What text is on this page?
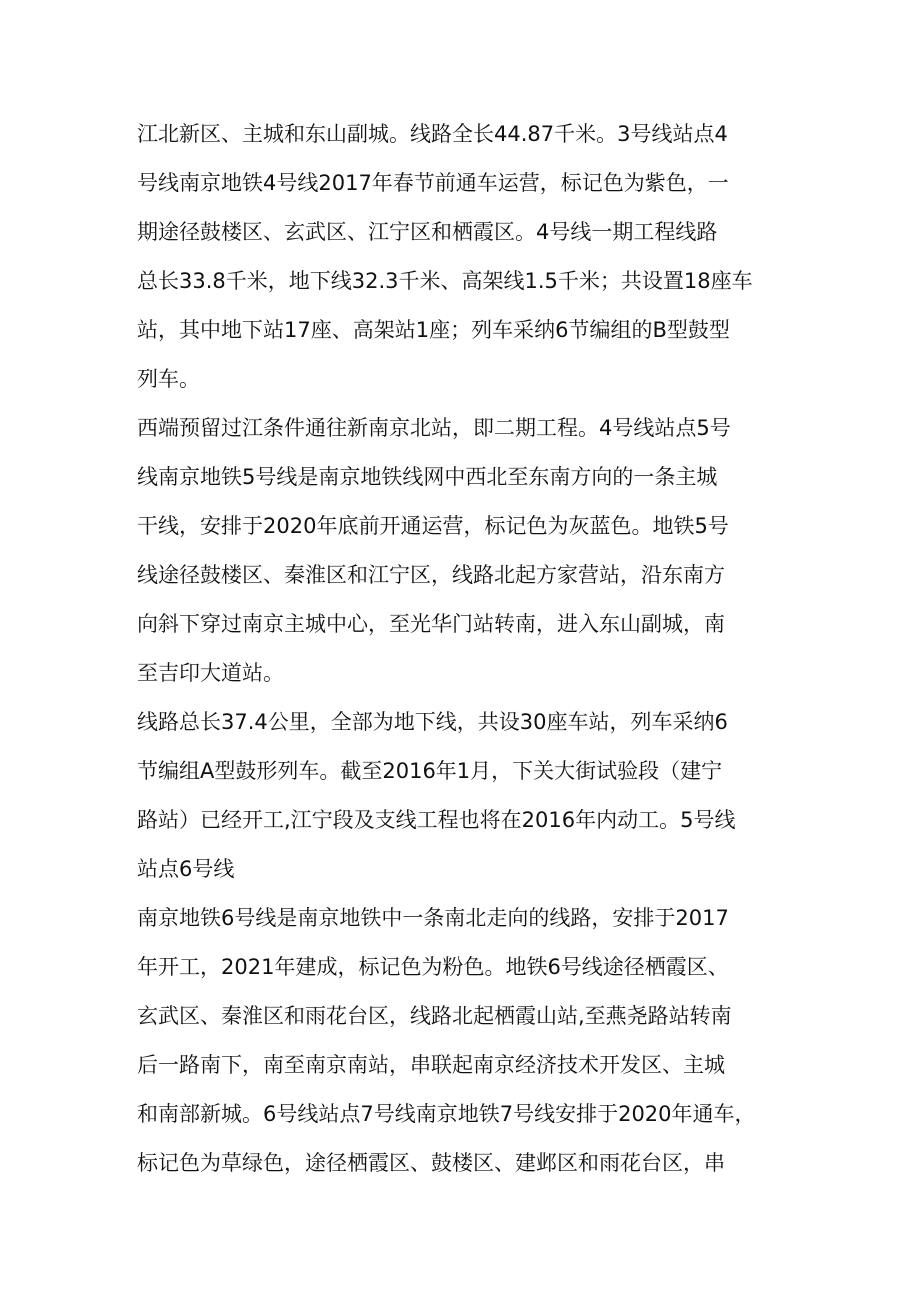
江北新区、主城和东山副城。线路全长44.87千米。3号线站点4
号线南京地铁4号线2017年春节前通车运营，标记色为紫色，一
期途径鼓楼区、玄武区、江宁区和栖霞区。4号线一期工程线路
总长33.8千米，地下线32.3千米、高架线1.5千米；共设置18座车
站，其中地下站17座、高架站1座；列车采纳6节编组的B型鼓型
列车。
西端预留过江条件通往新南京北站，即二期工程。4号线站点5号
线南京地铁5号线是南京地铁线网中西北至东南方向的一条主城
干线，安排于2020年底前开通运营，标记色为灰蓝色。地铁5号
线途径鼓楼区、秦淮区和江宁区，线路北起方家营站，沿东南方
向斜下穿过南京主城中心，至光华门站转南，进入东山副城，南
至吉印大道站。
线路总长37.4公里，全部为地下线，共设30座车站，列车采纳6
节编组A型鼓形列车。截至2016年1月，下关大街试验段（建宁
路站）已经开工,江宁段及支线工程也将在2016年内动工。5号线
站点6号线
南京地铁6号线是南京地铁中一条南北走向的线路，安排于2017
年开工，2021年建成，标记色为粉色。地铁6号线途径栖霞区、
玄武区、秦淮区和雨花台区，线路北起栖霞山站,至燕尧路站转南
后一路南下，南至南京南站，串联起南京经济技术开发区、主城
和南部新城。6号线站点7号线南京地铁7号线安排于2020年通车，
标记色为草绿色，途径栖霞区、鼓楼区、建邺区和雨花台区，串
